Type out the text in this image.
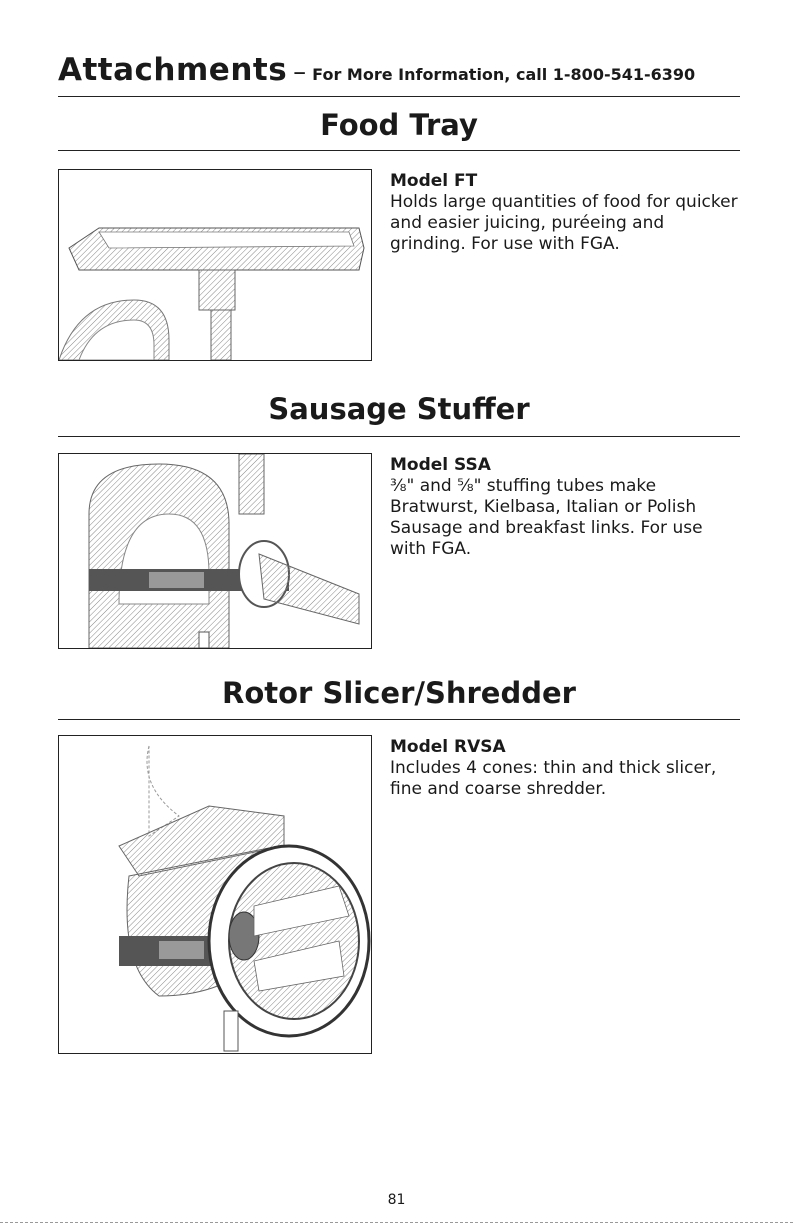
Attachments – For More Information, call 1-800-541-6390
Food Tray
Model FT
Holds large quantities of food for quicker and easier juicing, puréeing and grinding. For use with FGA.
Sausage Stuffer
Model SSA
⅜" and ⅝" stuffing tubes make Bratwurst, Kielbasa, Italian or Polish Sausage and breakfast links. For use with FGA.
Rotor Slicer/Shredder
Model RVSA
Includes 4 cones: thin and thick slicer, fine and coarse shredder.
81
